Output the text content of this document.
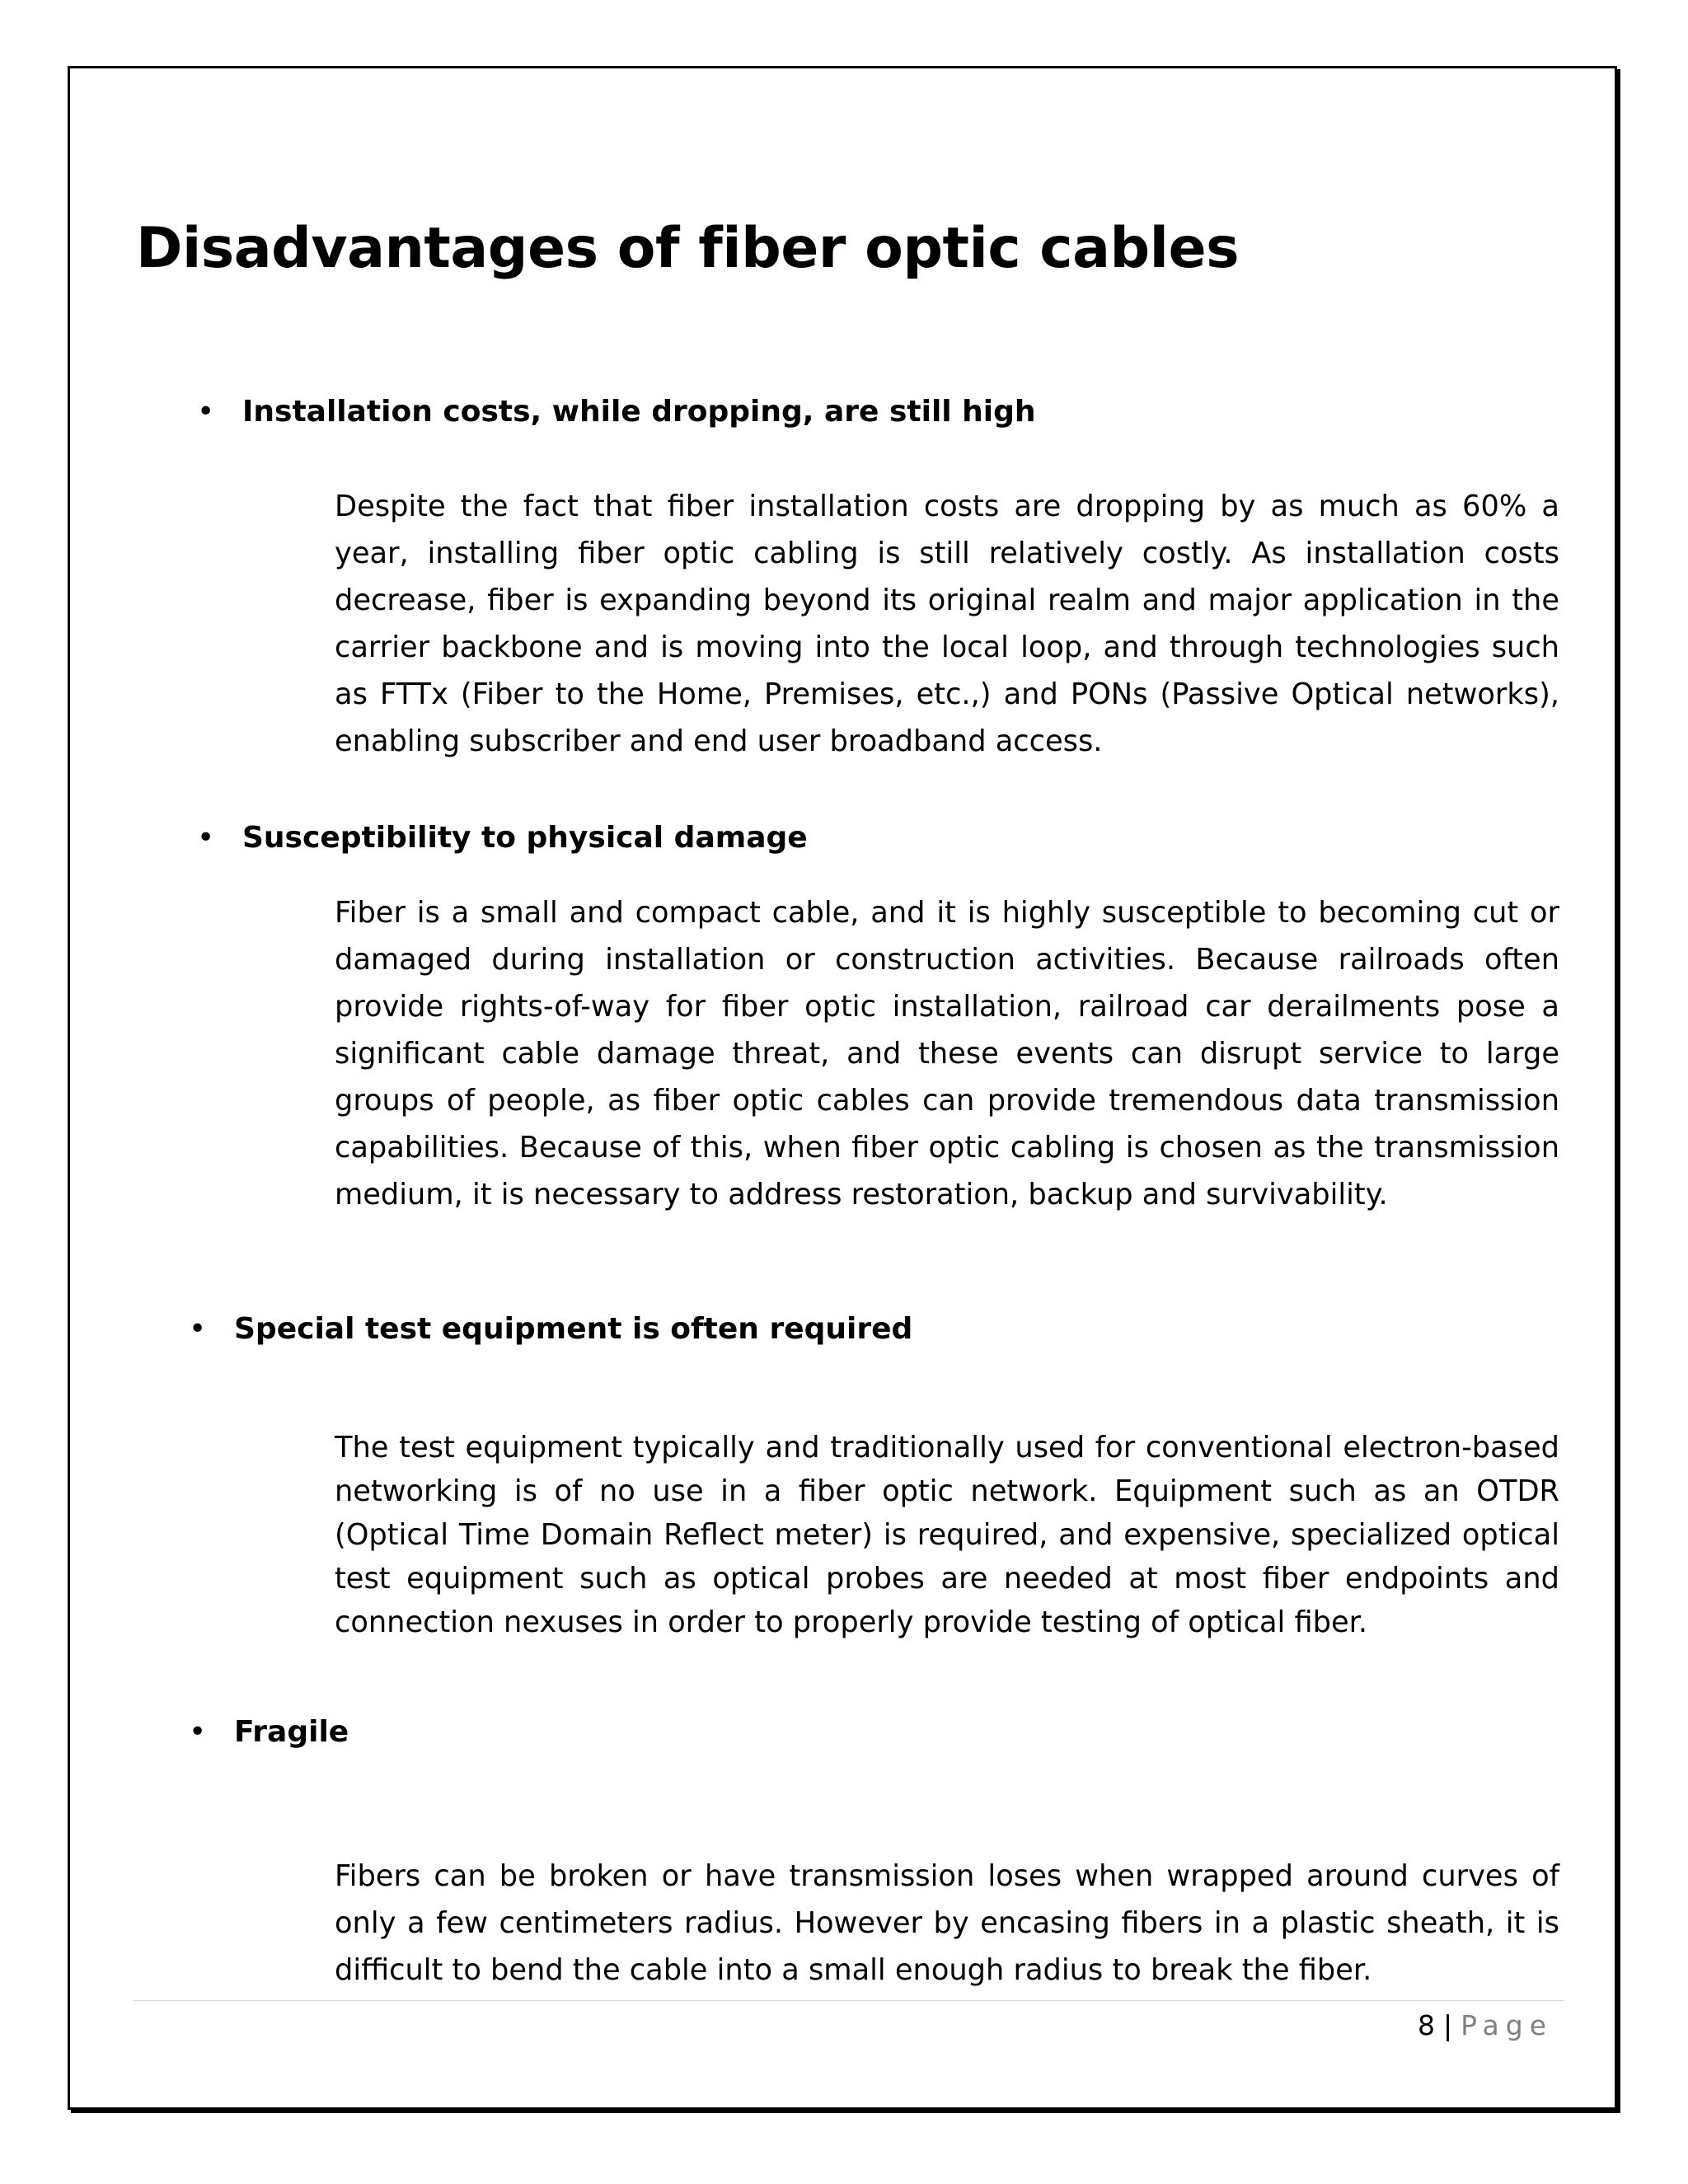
Disadvantages of fiber optic cables
• Installation costs, while dropping, are still high

Despite the fact that fiber installation costs are dropping by as much as 60% a year, installing fiber optic cabling is still relatively costly. As installation costs decrease, fiber is expanding beyond its original realm and major application in the carrier backbone and is moving into the local loop, and through technologies such as FTTx (Fiber to the Home, Premises, etc.,) and PONs (Passive Optical networks), enabling subscriber and end user broadband access.

• Susceptibility to physical damage

Fiber is a small and compact cable, and it is highly susceptible to becoming cut or damaged during installation or construction activities. Because railroads often provide rights-of-way for fiber optic installation, railroad car derailments pose a significant cable damage threat, and these events can disrupt service to large groups of people, as fiber optic cables can provide tremendous data transmission capabilities. Because of this, when fiber optic cabling is chosen as the transmission medium, it is necessary to address restoration, backup and survivability.

• Special test equipment is often required

The test equipment typically and traditionally used for conventional electron-based networking is of no use in a fiber optic network. Equipment such as an OTDR (Optical Time Domain Reflect meter) is required, and expensive, specialized optical test equipment such as optical probes are needed at most fiber endpoints and connection nexuses in order to properly provide testing of optical fiber.

• Fragile

Fibers can be broken or have transmission loses when wrapped around curves of only a few centimeters radius. However by encasing fibers in a plastic sheath, it is difficult to bend the cable into a small enough radius to break the fiber.

8 | Page
